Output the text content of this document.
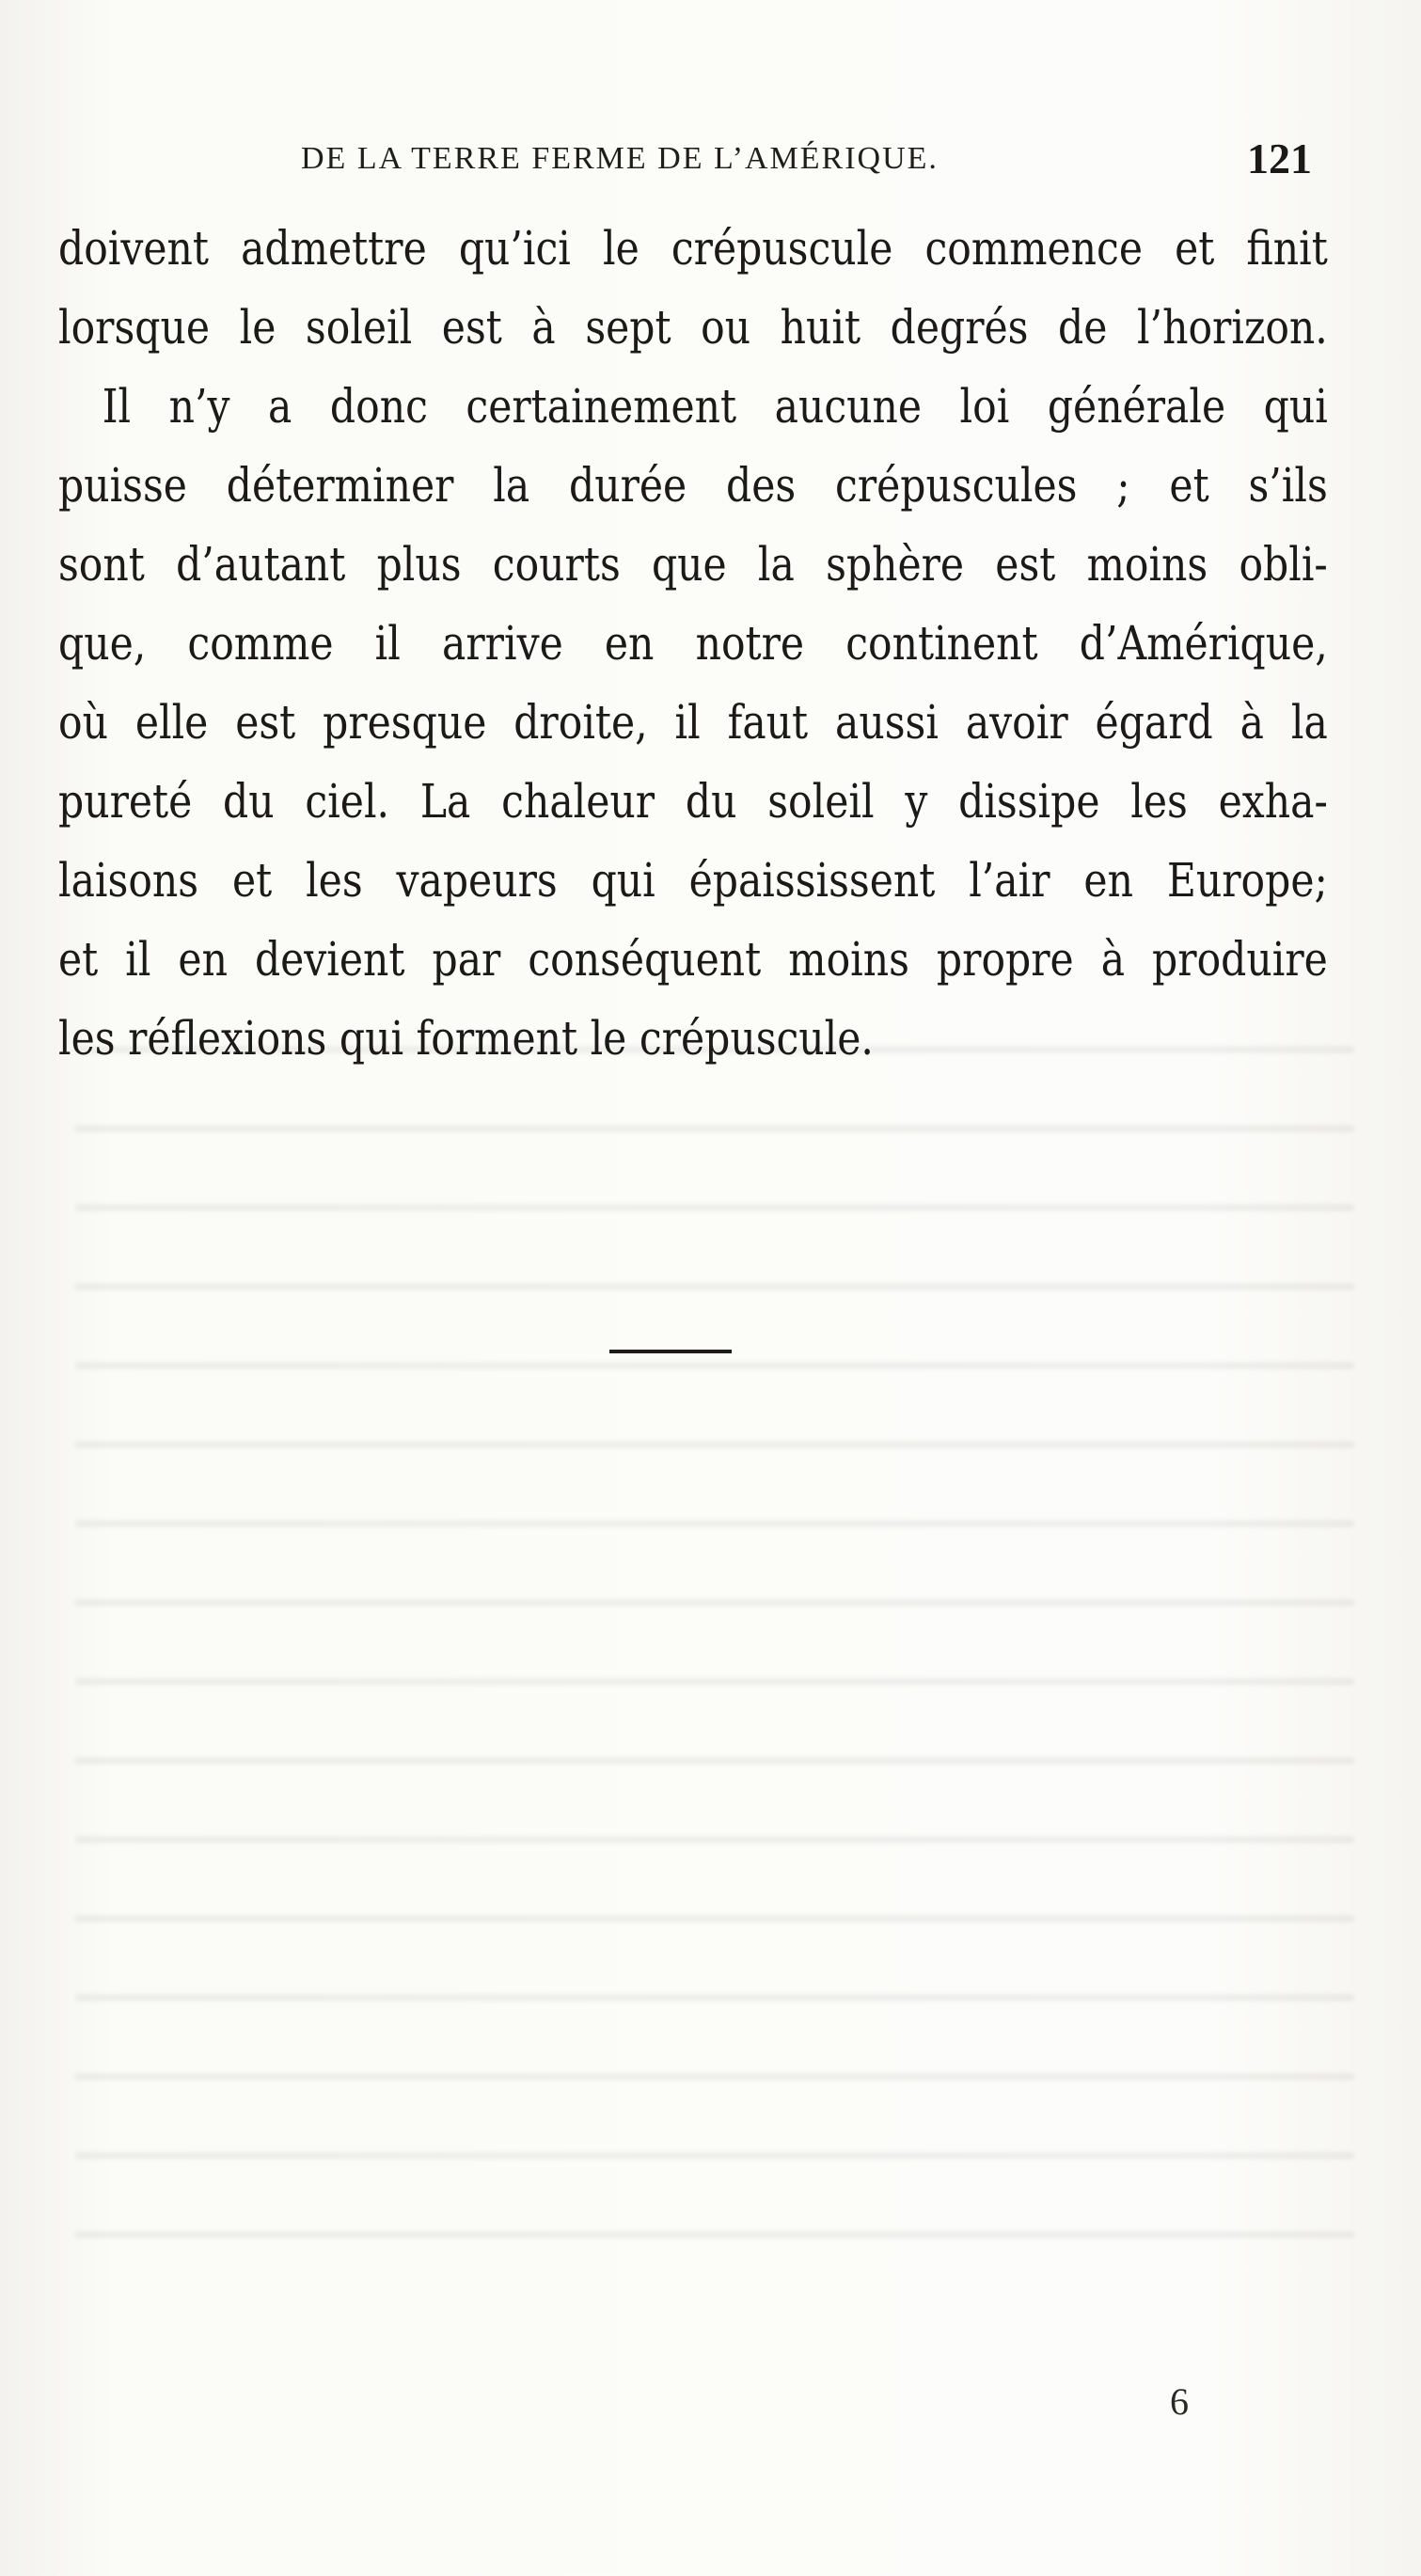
DE LA TERRE FERME DE L’AMÉRIQUE.	121
doivent admettre qu’ici le crépuscule commence et finit
lorsque le soleil est à sept ou huit degrés de l’horizon.
Il n’y a donc certainement aucune loi générale qui
puisse déterminer la durée des crépuscules ; et s’ils
sont d’autant plus courts que la sphère est moins obli-
que, comme il arrive en notre continent d’Amérique,
où elle est presque droite, il faut aussi avoir égard à la
pureté du ciel. La chaleur du soleil y dissipe les exha-
laisons et les vapeurs qui épaississent l’air en Europe;
et il en devient par conséquent moins propre à produire
les réflexions qui forment le crépuscule.
6
